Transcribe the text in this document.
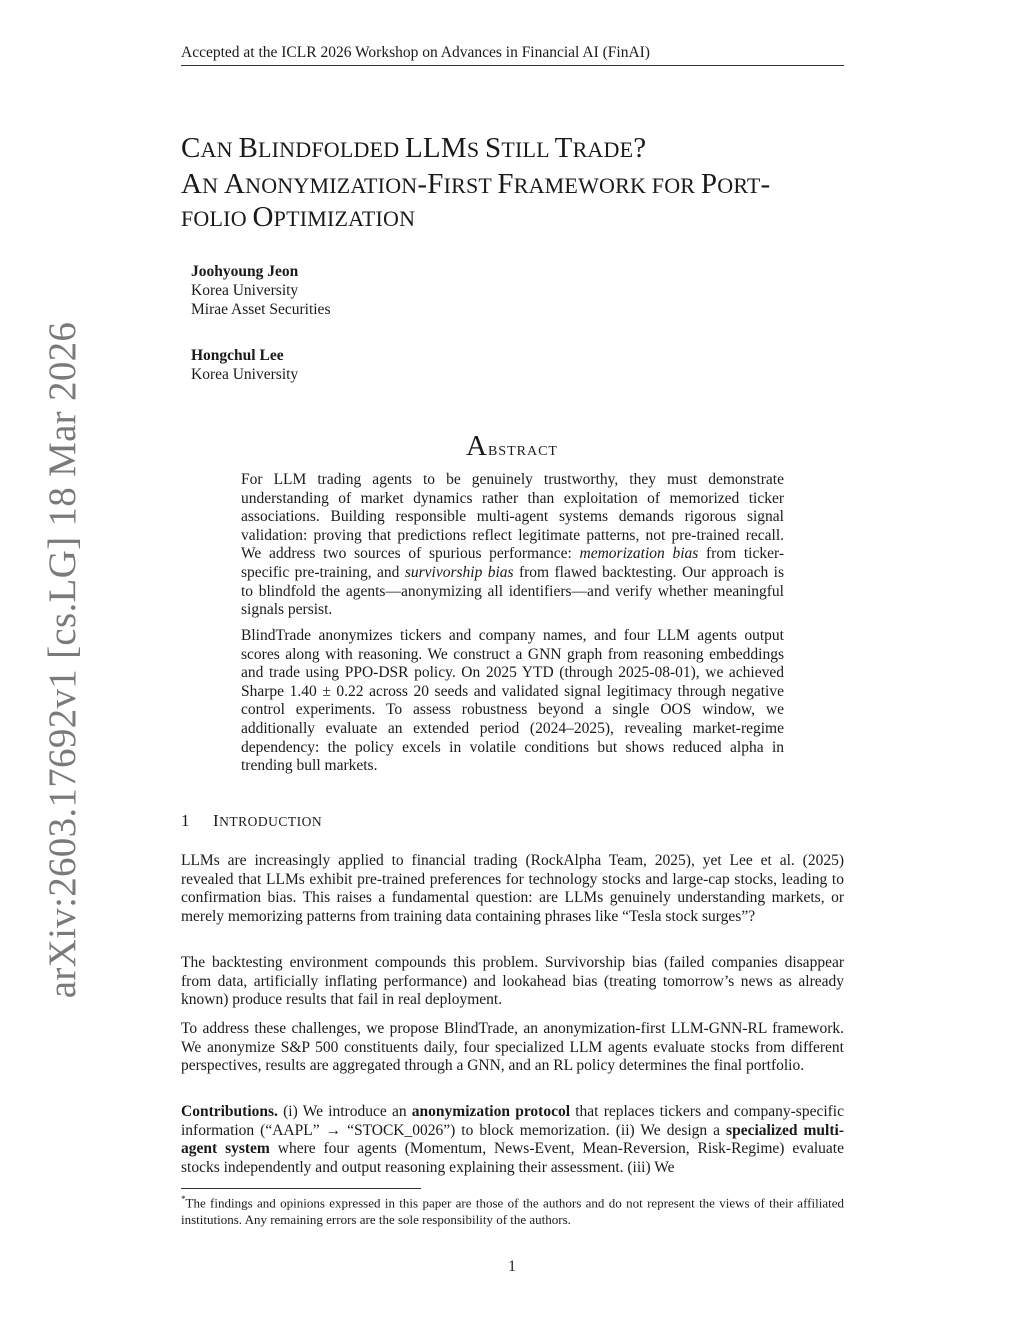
Accepted at the ICLR 2026 Workshop on Advances in Financial AI (FinAI)
arXiv:2603.17692v1 [cs.LG] 18 Mar 2026
CAN BLINDFOLDED LLMS STILL TRADE?
AN ANONYMIZATION-FIRST FRAMEWORK FOR PORT-
FOLIO OPTIMIZATION
Joohyoung Jeon
Korea University
Mirae Asset Securities
Hongchul Lee
Korea University
ABSTRACT
For LLM trading agents to be genuinely trustworthy, they must demonstrate understanding of market dynamics rather than exploitation of memorized ticker associations. Building responsible multi-agent systems demands rigorous signal validation: proving that predictions reflect legitimate patterns, not pre-trained recall. We address two sources of spurious performance: memorization bias from ticker-specific pre-training, and survivorship bias from flawed backtesting. Our approach is to blindfold the agents—anonymizing all identifiers—and verify whether meaningful signals persist.
BlindTrade anonymizes tickers and company names, and four LLM agents output scores along with reasoning. We construct a GNN graph from reasoning embeddings and trade using PPO-DSR policy. On 2025 YTD (through 2025-08-01), we achieved Sharpe 1.40 ± 0.22 across 20 seeds and validated signal legitimacy through negative control experiments. To assess robustness beyond a single OOS window, we additionally evaluate an extended period (2024–2025), revealing market-regime dependency: the policy excels in volatile conditions but shows reduced alpha in trending bull markets.
1 INTRODUCTION
LLMs are increasingly applied to financial trading (RockAlpha Team, 2025), yet Lee et al. (2025) revealed that LLMs exhibit pre-trained preferences for technology stocks and large-cap stocks, leading to confirmation bias. This raises a fundamental question: are LLMs genuinely understanding markets, or merely memorizing patterns from training data containing phrases like “Tesla stock surges”?
The backtesting environment compounds this problem. Survivorship bias (failed companies disappear from data, artificially inflating performance) and lookahead bias (treating tomorrow’s news as already known) produce results that fail in real deployment.
To address these challenges, we propose BlindTrade, an anonymization-first LLM-GNN-RL framework. We anonymize S&P 500 constituents daily, four specialized LLM agents evaluate stocks from different perspectives, results are aggregated through a GNN, and an RL policy determines the final portfolio.
Contributions. (i) We introduce an anonymization protocol that replaces tickers and company-specific information (“AAPL” → “STOCK_0026”) to block memorization. (ii) We design a specialized multi-agent system where four agents (Momentum, News-Event, Mean-Reversion, Risk-Regime) evaluate stocks independently and output reasoning explaining their assessment. (iii) We
*The findings and opinions expressed in this paper are those of the authors and do not represent the views of their affiliated institutions. Any remaining errors are the sole responsibility of the authors.
1
